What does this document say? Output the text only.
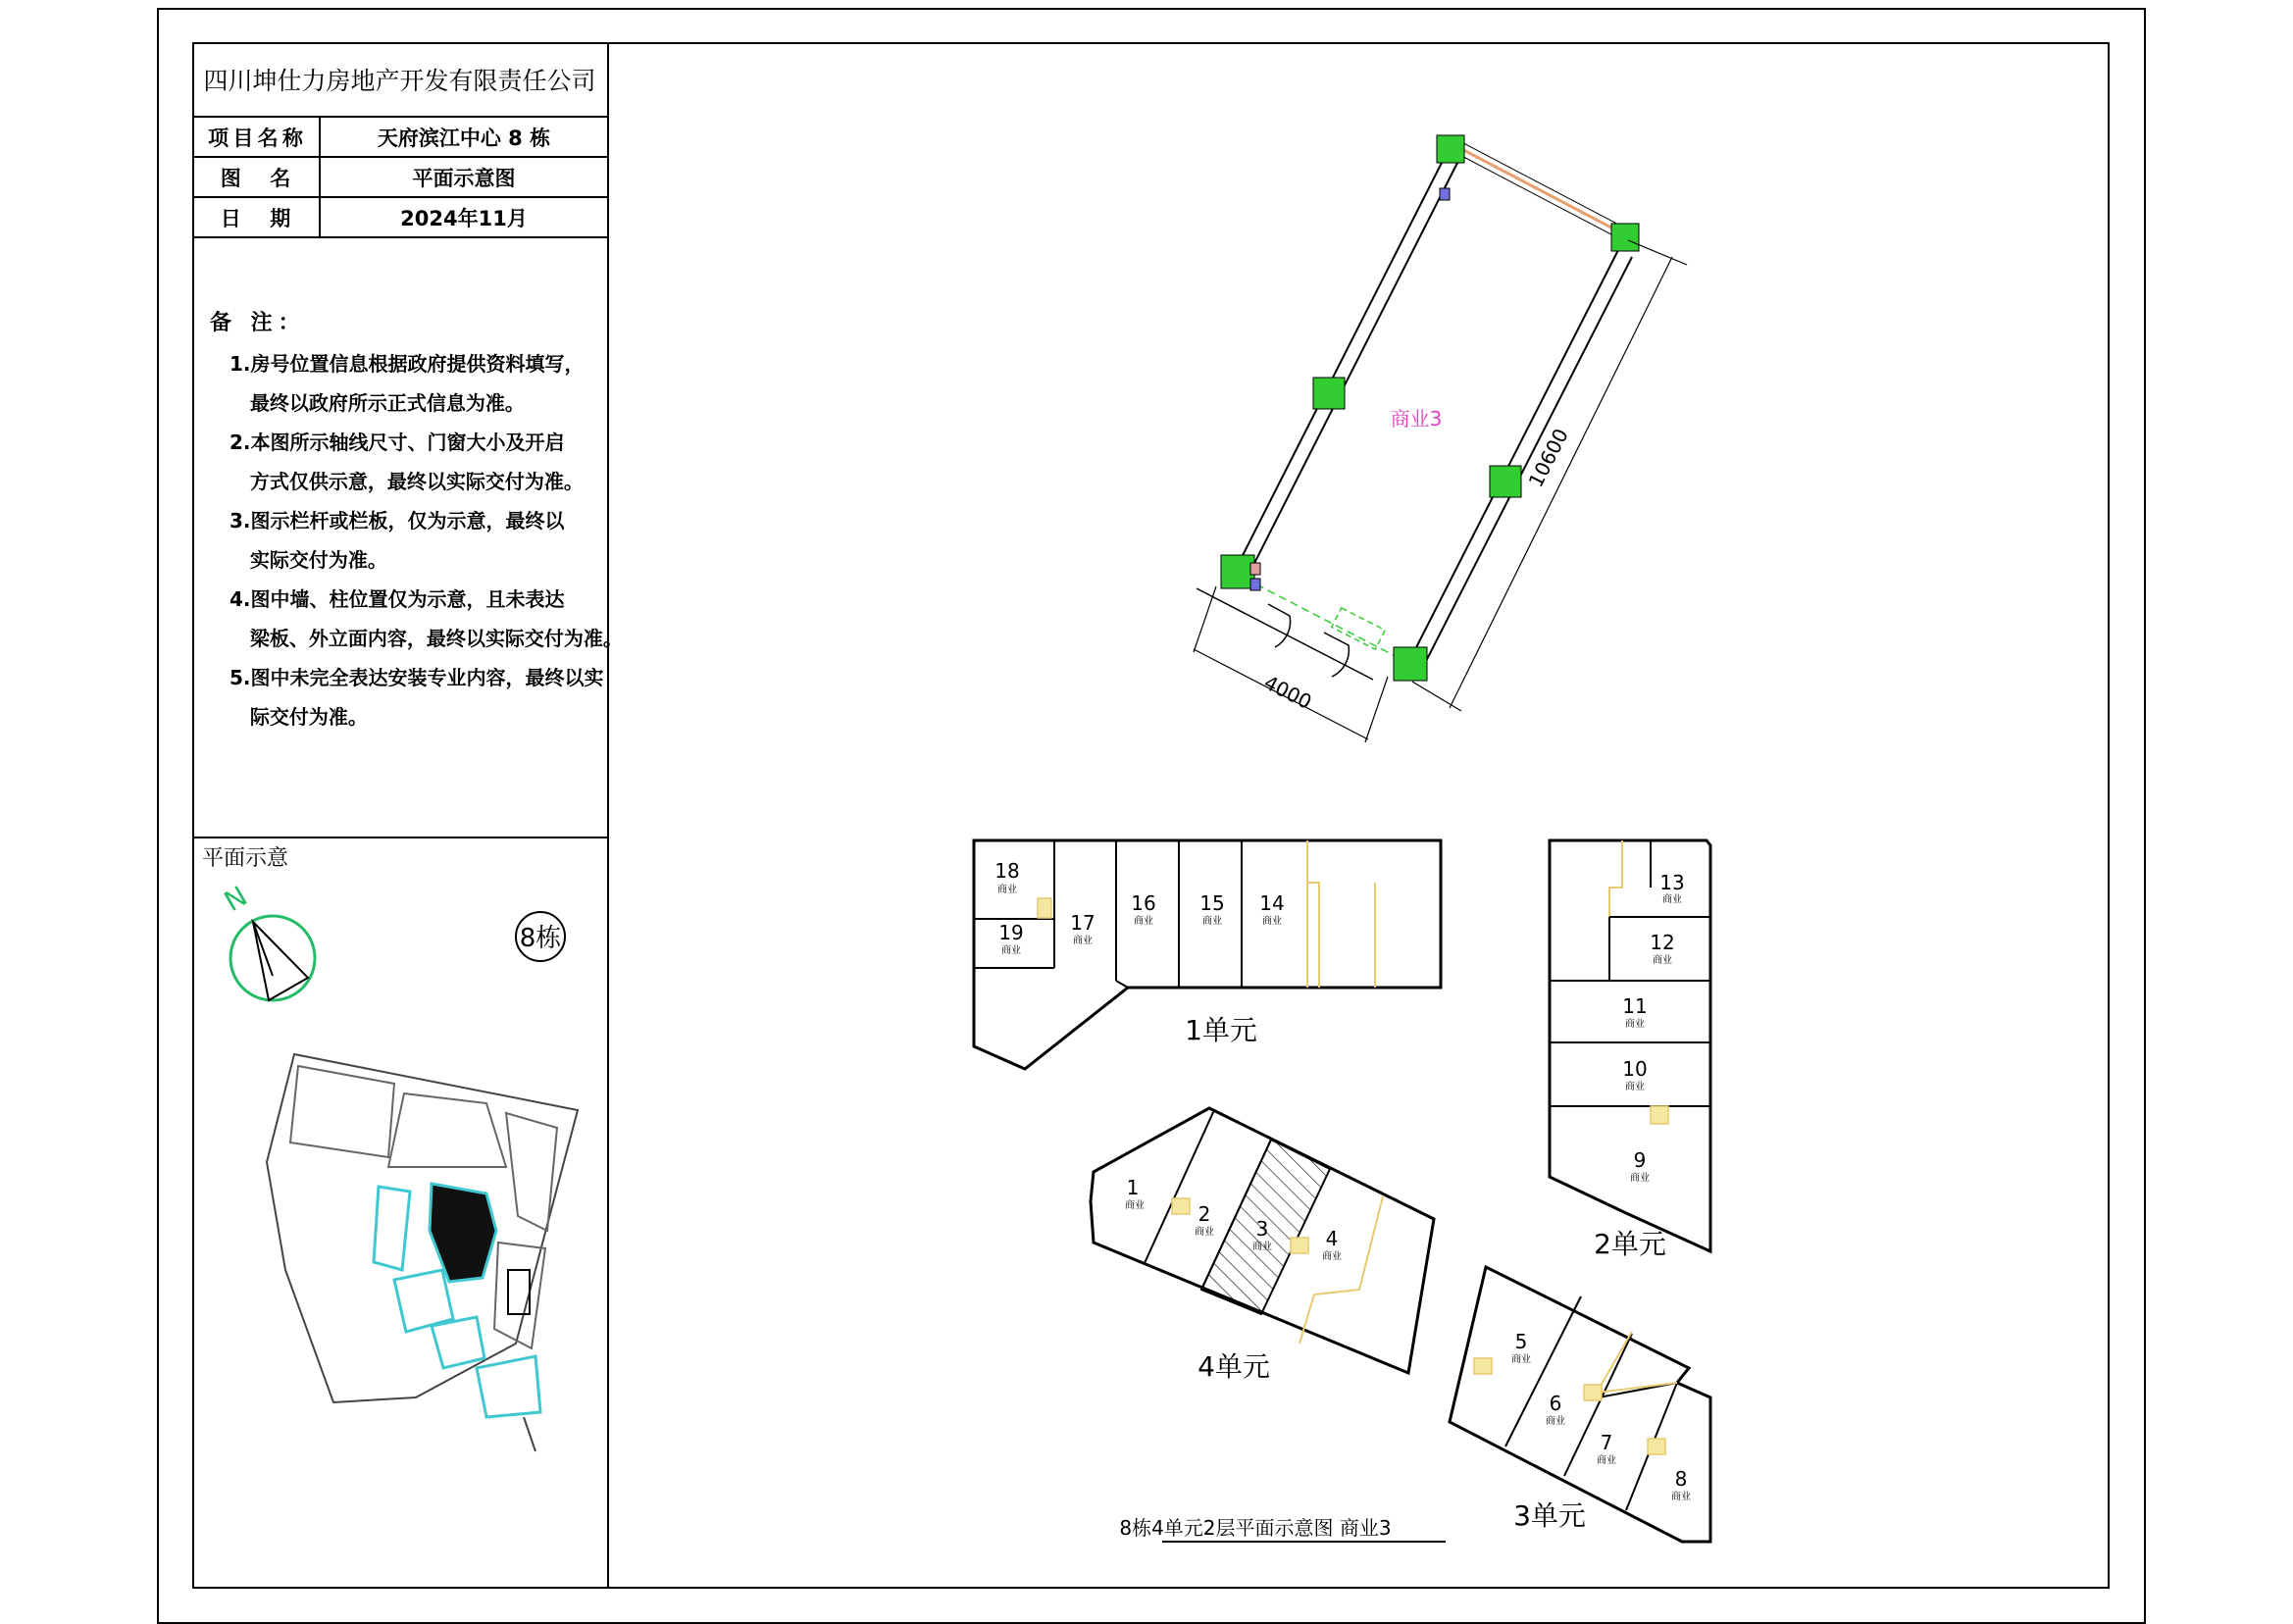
四川坤仕力房地产开发有限责任公司
项 目 名 称	天府滨江中心 8 栋
图 名	平面示意图
日 期	2024年11月
备 注：
1.房号位置信息根据政府提供资料填写，
最终以政府所示正式信息为准。
2.本图所示轴线尺寸、门窗大小及开启
方式仅供示意，最终以实际交付为准。
3.图示栏杆或栏板，仅为示意，最终以
实际交付为准。
4.图中墙、柱位置仅为示意，且未表达
梁板、外立面内容，最终以实际交付为准。
5.图中未完全表达安装专业内容，最终以实
际交付为准。
平面示意
N
8栋
4000
10600
商业3
18
商业
19
商业
17
商业
16
商业
15
商业
14
商业
1单元
13
商业
12
商业
11
商业
10
商业
9
商业
2单元
1
商业	2
商业 3
商业	4
商业
4单元
5
商业
6
商业
7
商业
8
商业
3单元
8栋4单元2层平面示意图 商业3
